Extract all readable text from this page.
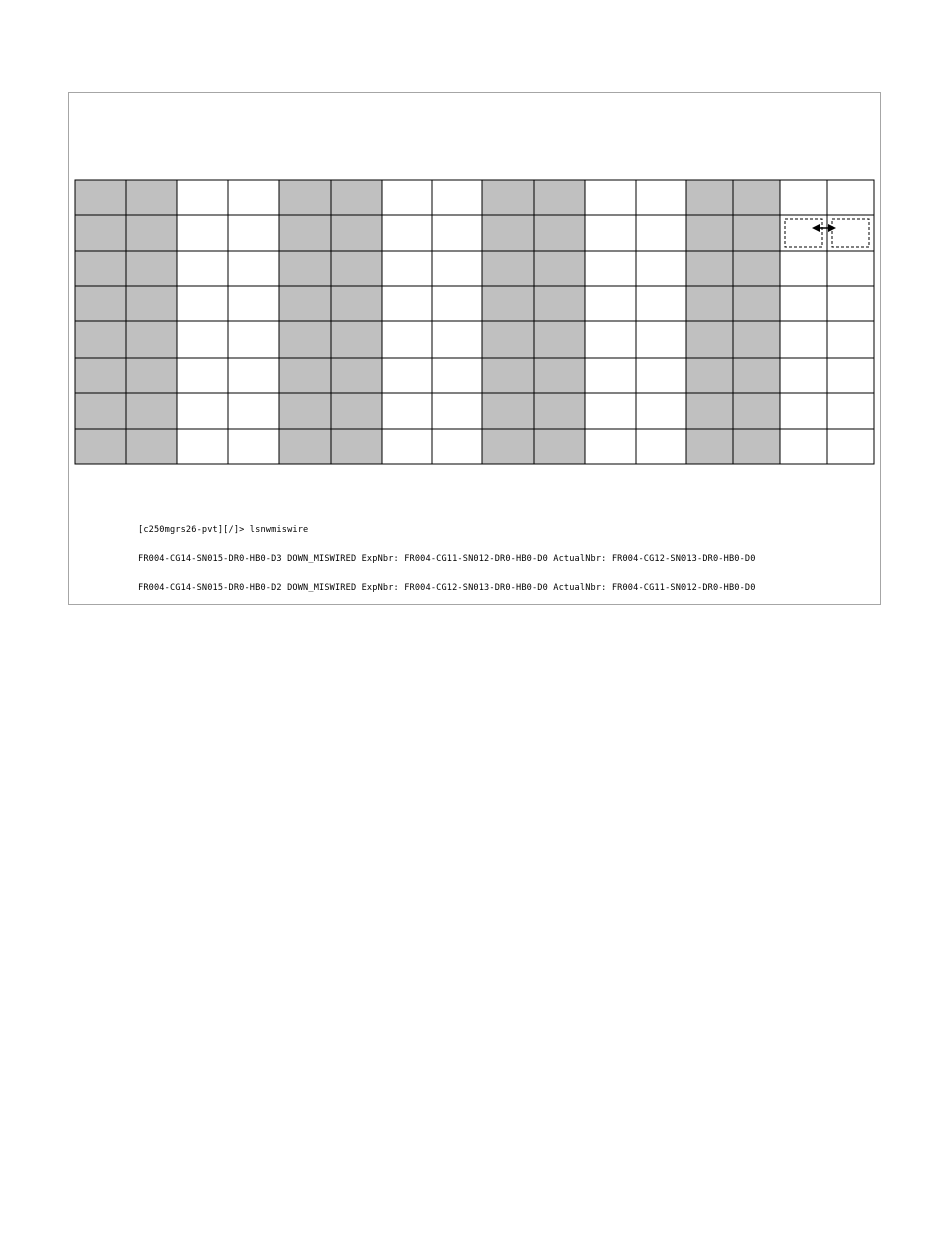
[c250mgrs26-pvt][/]> lsnwmiswire

FR004-CG14-SN015-DR0-HB0-D3 DOWN_MISWIRED ExpNbr: FR004-CG11-SN012-DR0-HB0-D0 ActualNbr: FR004-CG12-SN013-DR0-HB0-D0

FR004-CG14-SN015-DR0-HB0-D2 DOWN_MISWIRED ExpNbr: FR004-CG12-SN013-DR0-HB0-D0 ActualNbr: FR004-CG11-SN012-DR0-HB0-D0
